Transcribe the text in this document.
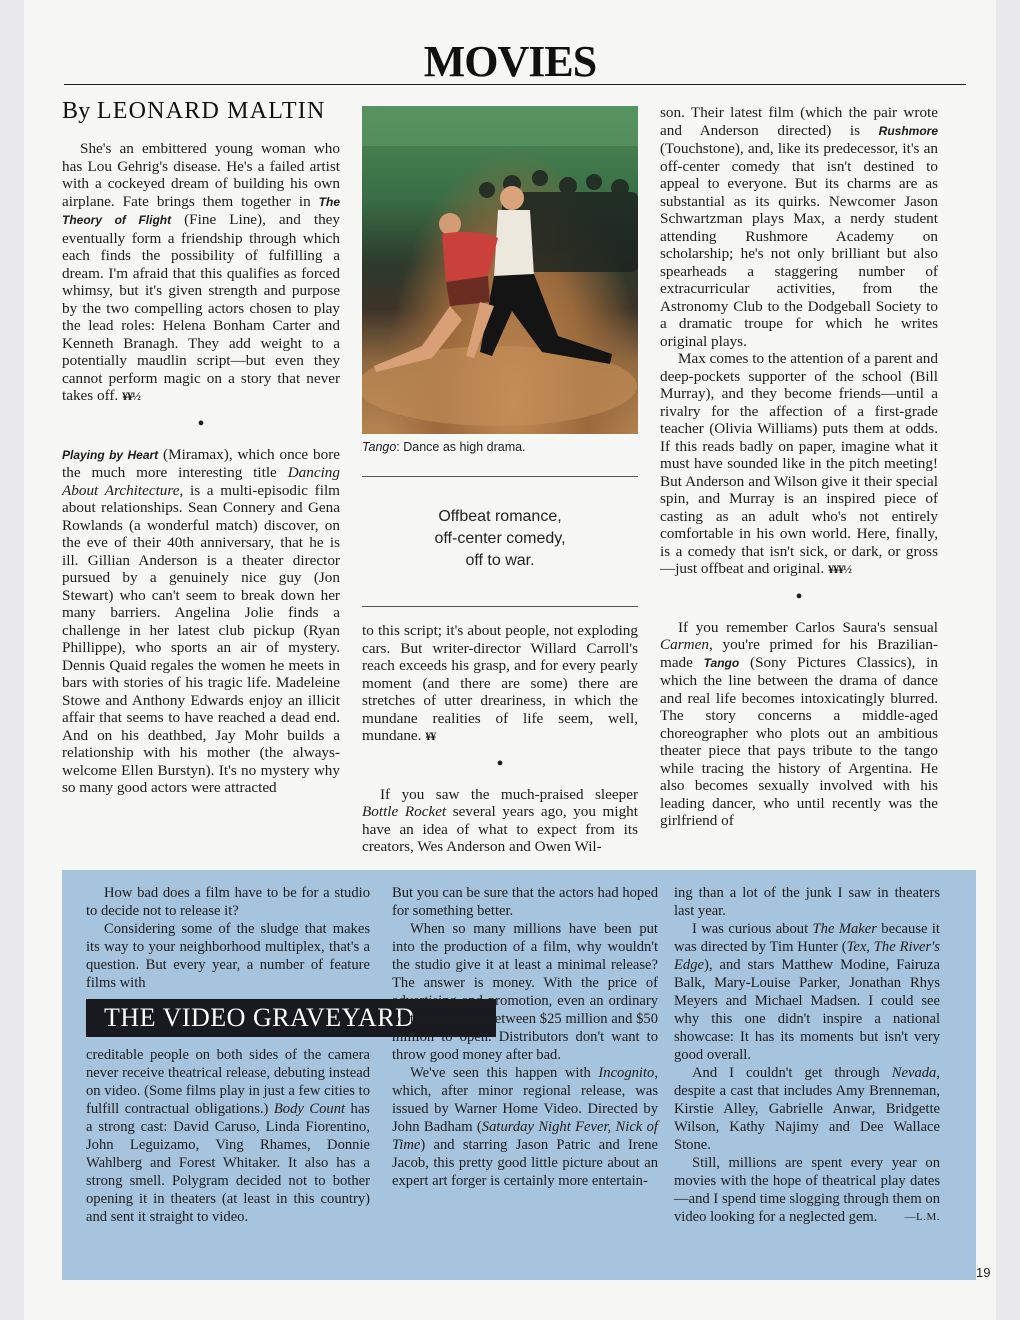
MOVIES
By LEONARD MALTIN

She's an embittered young woman who has Lou Gehrig's disease. He's a failed artist with a cockeyed dream of building his own airplane. Fate brings them together in The Theory of Flight (Fine Line), and they eventually form a friendship through which each finds the possibility of fulfilling a dream. I'm afraid that this qualifies as forced whimsy, but it's given strength and purpose by the two compelling actors chosen to play the lead roles: Helena Bonham Carter and Kenneth Branagh. They add weight to a potentially maudlin script—but even they cannot perform magic on a story that never takes off. ¥¥½

•

Playing by Heart (Miramax), which once bore the much more interesting title Dancing About Architecture, is a multi-episodic film about relationships. Sean Connery and Gena Rowlands (a wonderful match) discover, on the eve of their 40th anniversary, that he is ill. Gillian Anderson is a theater director pursued by a genuinely nice guy (Jon Stewart) who can't seem to break down her many barriers. Angelina Jolie finds a challenge in her latest club pickup (Ryan Phillippe), who sports an air of mystery. Dennis Quaid regales the women he meets in bars with stories of his tragic life. Madeleine Stowe and Anthony Edwards enjoy an illicit affair that seems to have reached a dead end. And on his deathbed, Jay Mohr builds a relationship with his mother (the always-welcome Ellen Burstyn). It's no mystery why so many good actors were attracted

Tango: Dance as high drama.
Offbeat romance,
off-center comedy,
off to war.

to this script; it's about people, not exploding cars. But writer-director Willard Carroll's reach exceeds his grasp, and for every pearly moment (and there are some) there are stretches of utter dreariness, in which the mundane realities of life seem, well, mundane. ¥¥

•

If you saw the much-praised sleeper Bottle Rocket several years ago, you might have an idea of what to expect from its creators, Wes Anderson and Owen Wil-

son. Their latest film (which the pair wrote and Anderson directed) is Rushmore (Touchstone), and, like its predecessor, it's an off-center comedy that isn't destined to appeal to everyone. But its charms are as substantial as its quirks. Newcomer Jason Schwartzman plays Max, a nerdy student attending Rushmore Academy on scholarship; he's not only brilliant but also spearheads a staggering number of extracurricular activities, from the Astronomy Club to the Dodgeball Society to a dramatic troupe for which he writes original plays.

Max comes to the attention of a parent and deep-pockets supporter of the school (Bill Murray), and they become friends—until a rivalry for the affection of a first-grade teacher (Olivia Williams) puts them at odds. If this reads badly on paper, imagine what it must have sounded like in the pitch meeting! But Anderson and Wilson give it their special spin, and Murray is an inspired piece of casting as an adult who's not entirely comfortable in his own world. Here, finally, is a comedy that isn't sick, or dark, or gross—just offbeat and original. ¥¥¥½

•

If you remember Carlos Saura's sensual Carmen, you're primed for his Brazilian-made Tango (Sony Pictures Classics), in which the line between the drama of dance and real life becomes intoxicatingly blurred. The story concerns a middle-aged choreographer who plots out an ambitious theater piece that pays tribute to the tango while tracing the history of Argentina. He also becomes sexually involved with his leading dancer, who until recently was the girlfriend of

How bad does a film have to be for a studio to decide not to release it?

Considering some of the sludge that makes its way to your neighborhood multiplex, that's a question. But every year, a number of feature films with

THE VIDEO GRAVEYARD

creditable people on both sides of the camera never receive theatrical release, debuting instead on video. (Some films play in just a few cities to fulfill contractual obligations.) Body Count has a strong cast: David Caruso, Linda Fiorentino, John Leguizamo, Ving Rhames, Donnie Wahlberg and Forest Whitaker. It also has a strong smell. Polygram decided not to bother opening it in theaters (at least in this country) and sent it straight to video.

But you can be sure that the actors had hoped for something better.

When so many millions have been put into the production of a film, why wouldn't the studio give it at least a minimal release? The answer is money. With the price of advertising and promotion, even an ordinary picture can cost between $25 million and $50 million to open. Distributors don't want to throw good money after bad.

We've seen this happen with Incognito, which, after minor regional release, was issued by Warner Home Video. Directed by John Badham (Saturday Night Fever, Nick of Time) and starring Jason Patric and Irene Jacob, this pretty good little picture about an expert art forger is certainly more entertain-

ing than a lot of the junk I saw in theaters last year.

I was curious about The Maker because it was directed by Tim Hunter (Tex, The River's Edge), and stars Matthew Modine, Fairuza Balk, Mary-Louise Parker, Jonathan Rhys Meyers and Michael Madsen. I could see why this one didn't inspire a national showcase: It has its moments but isn't very good overall.

And I couldn't get through Nevada, despite a cast that includes Amy Brenneman, Kirstie Alley, Gabrielle Anwar, Bridgette Wilson, Kathy Najimy and Dee Wallace Stone.

Still, millions are spent every year on movies with the hope of theatrical play dates—and I spend time slogging through them on video looking for a neglected gem.	—L.M.

19
